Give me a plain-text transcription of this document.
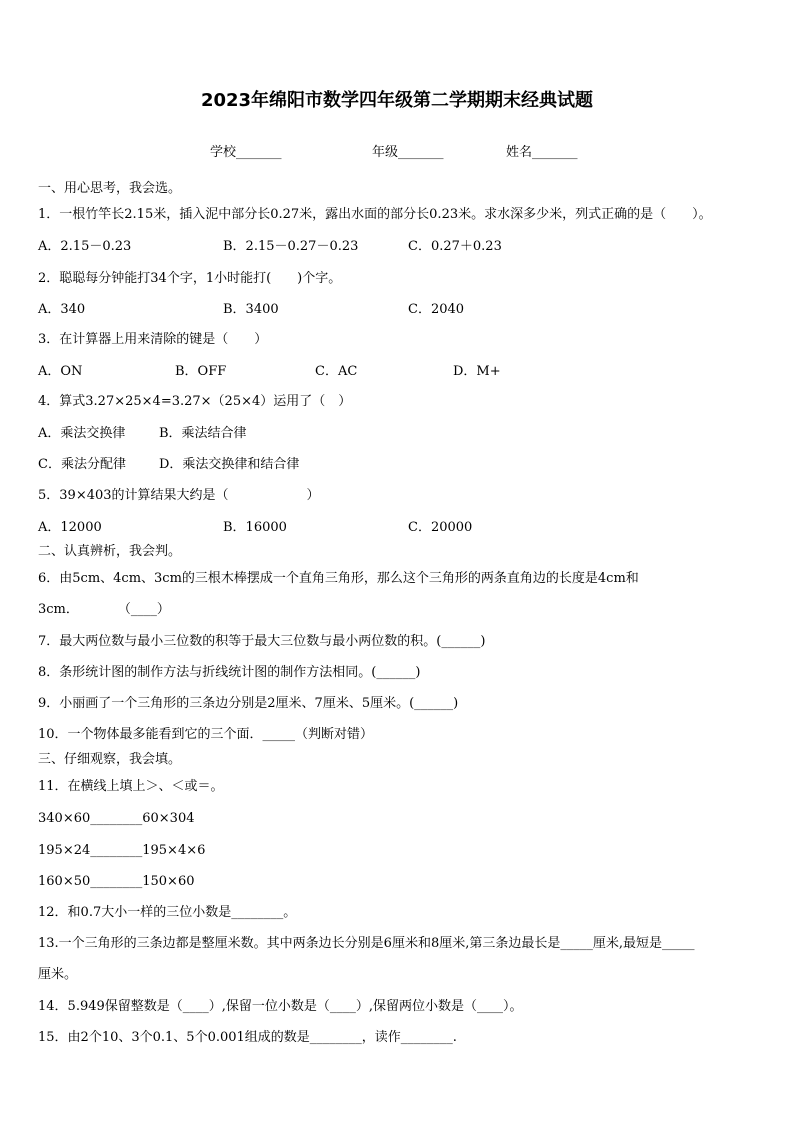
2023年绵阳市数学四年级第二学期期末经典试题
学校_______	年级_______	姓名_______
一、用心思考，我会选。
1．一根竹竿长2.15米，插入泥中部分长0.27米，露出水面的部分长0.23米。求水深多少米，列式正确的是（　　）。
A．2.15－0.23	B．2.15－0.27－0.23	C．0.27＋0.23
2．聪聪每分钟能打34个字，1小时能打(　　)个字。
A．340	B．3400	C．2040
3．在计算器上用来清除的键是（　　）
A．ON	B．OFF	C．AC	D．M+
4．算式3.27×25×4=3.27×（25×4）运用了（　）
A．乘法交换律	B．乘法结合律
C．乘法分配律	D．乘法交换律和结合律
5．39×403的计算结果大约是（　　　　　　）
A．12000	B．16000	C．20000
二、认真辨析，我会判。
6．由5cm、4cm、3cm的三根木棒摆成一个直角三角形，那么这个三角形的两条直角边的长度是4cm和
3cm．　　　　（____）
7．最大两位数与最小三位数的积等于最大三位数与最小两位数的积。(______)
8．条形统计图的制作方法与折线统计图的制作方法相同。(______)
9．小丽画了一个三角形的三条边分别是2厘米、7厘米、5厘米。(______)
10．一个物体最多能看到它的三个面．_____（判断对错）
三、仔细观察，我会填。
11．在横线上填上＞、＜或＝。
340×60________60×304
195×24________195×4×6
160×50________150×60
12．和0.7大小一样的三位小数是________。
13.一个三角形的三条边都是整厘米数。其中两条边长分别是6厘米和8厘米,第三条边最长是_____厘米,最短是_____
厘米。
14．5.949保留整数是（____）,保留一位小数是（____）,保留两位小数是（____）。
15．由2个10、3个0.1、5个0.001组成的数是________，读作________.
